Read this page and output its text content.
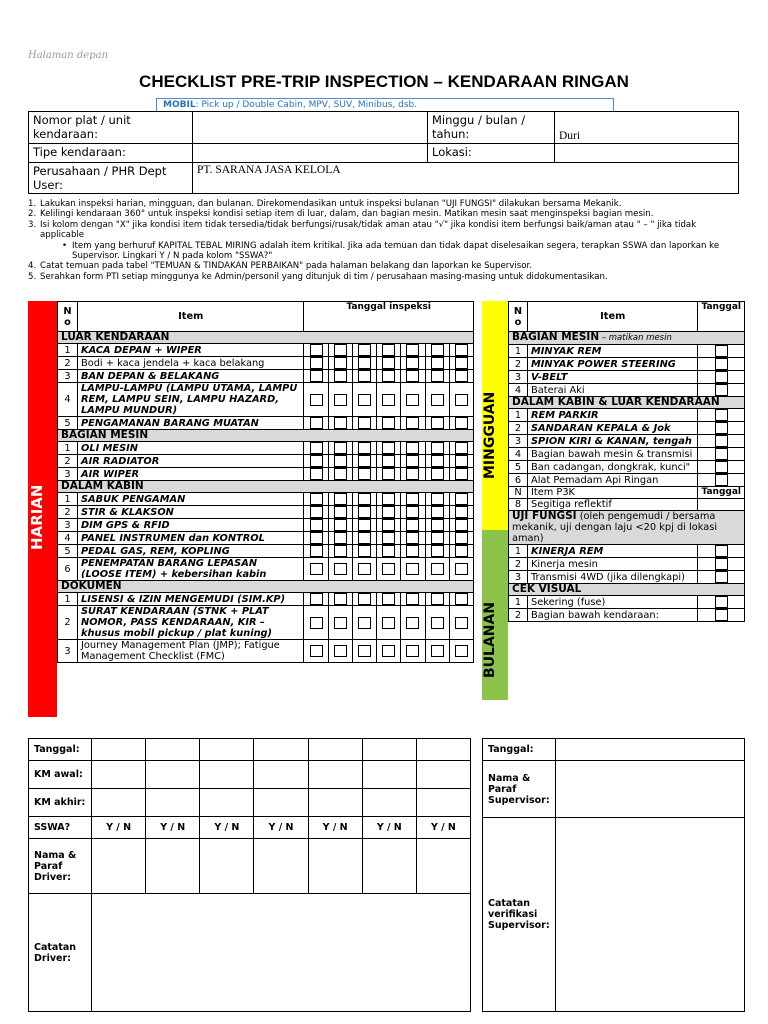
Halaman depan
CHECKLIST PRE-TRIP INSPECTION – KENDARAAN RINGAN
MOBIL: Pick up / Double Cabin, MPV, SUV, Minibus, dsb.
Nomor plat / unit kendaraan:		Minggu / bulan / tahun:	Duri
Tipe kendaraan:		Lokasi:	
Perusahaan / PHR Dept User:	PT. SARANA JASA KELOLA		
1. Lakukan inspeksi harian, mingguan, dan bulanan. Direkomendasikan untuk inspeksi bulanan "UJI FUNGSI" dilakukan bersama Mekanik.
2. Kelilingi kendaraan 360° untuk inspeksi kondisi setiap item di luar, dalam, dan bagian mesin. Matikan mesin saat menginspeksi bagian mesin.
3. Isi kolom dengan "X" jika kondisi item tidak tersedia/tidak berfungsi/rusak/tidak aman atau "√" jika kondisi item berfungsi baik/aman atau " – " jika tidak applicable
• Item yang berhuruf KAPITAL TEBAL MIRING adalah item kritikal. Jika ada temuan dan tidak dapat diselesaikan segera, terapkan SSWA dan laporkan ke Supervisor. Lingkari Y / N pada kolom "SSWA?"
4. Catat temuan pada tabel "TEMUAN & TINDAKAN PERBAIKAN" pada halaman belakang dan laporkan ke Supervisor.
5. Serahkan form PTI setiap minggunya ke Admin/personil yang ditunjuk di tim / perusahaan masing-masing untuk didokumentasikan.
HARIAN
N o	Item	Tanggal inspeksi						
LUAR KENDARAAN								
1	KACA DEPAN + WIPER							
2	Bodi + kaca jendela + kaca belakang							
3	BAN DEPAN & BELAKANG							
4	LAMPU-LAMPU (LAMPU UTAMA, LAMPU REM, LAMPU SEIN, LAMPU HAZARD, LAMPU MUNDUR)							
5	PENGAMANAN BARANG MUATAN							
BAGIAN MESIN								
1	OLI MESIN							
2	AIR RADIATOR							
3	AIR WIPER							
DALAM KABIN								
1	SABUK PENGAMAN							
2	STIR & KLAKSON							
3	DIM GPS & RFID							
4	PANEL INSTRUMEN dan KONTROL							
5	PEDAL GAS, REM, KOPLING							
6	PENEMPATAN BARANG LEPASAN (LOOSE ITEM) + kebersihan kabin							
DOKUMEN								
1	LISENSI & IZIN MENGEMUDI (SIM.KP)							
2	SURAT KENDARAAN (STNK + PLAT NOMOR, PASS KENDARAAN, KIR – khusus mobil pickup / plat kuning)							
3	Journey Management Plan (JMP); Fatigue Management Checklist (FMC)							
MINGGUAN
BULANAN
N o	Item	Tanggal
BAGIAN MESIN – matikan mesin		
1	MINYAK REM	
2	MINYAK POWER STEERING	
3	V-BELT	
4	Baterai Aki	
DALAM KABIN & LUAR KENDARAAN		
1	REM PARKIR	
2	SANDARAN KEPALA & Jok	
3	SPION KIRI & KANAN, tengah	
4	Bagian bawah mesin & transmisi	
5	Ban cadangan, dongkrak, kunci"	
6	Alat Pemadam Api Ringan	
N	Item P3K	Tanggal
8	Segitiga reflektif	
UJI FUNGSI (oleh pengemudi / bersama mekanik, uji dengan laju <20 kpj di lokasi aman)		
1	KINERJA REM	
2	Kinerja mesin	
3	Transmisi 4WD (jika dilengkapi)	
CEK VISUAL		
1	Sekering (fuse)	
2	Bagian bawah kendaraan:	
Tanggal:							
KM awal:							
KM akhir:							
SSWA?	Y / N	Y / N	Y / N	Y / N	Y / N	Y / N	Y / N
Nama & Paraf Driver:							
Catatan Driver:							
Tanggal:	
Nama & Paraf Supervisor:	
Catatan verifikasi Supervisor:	
